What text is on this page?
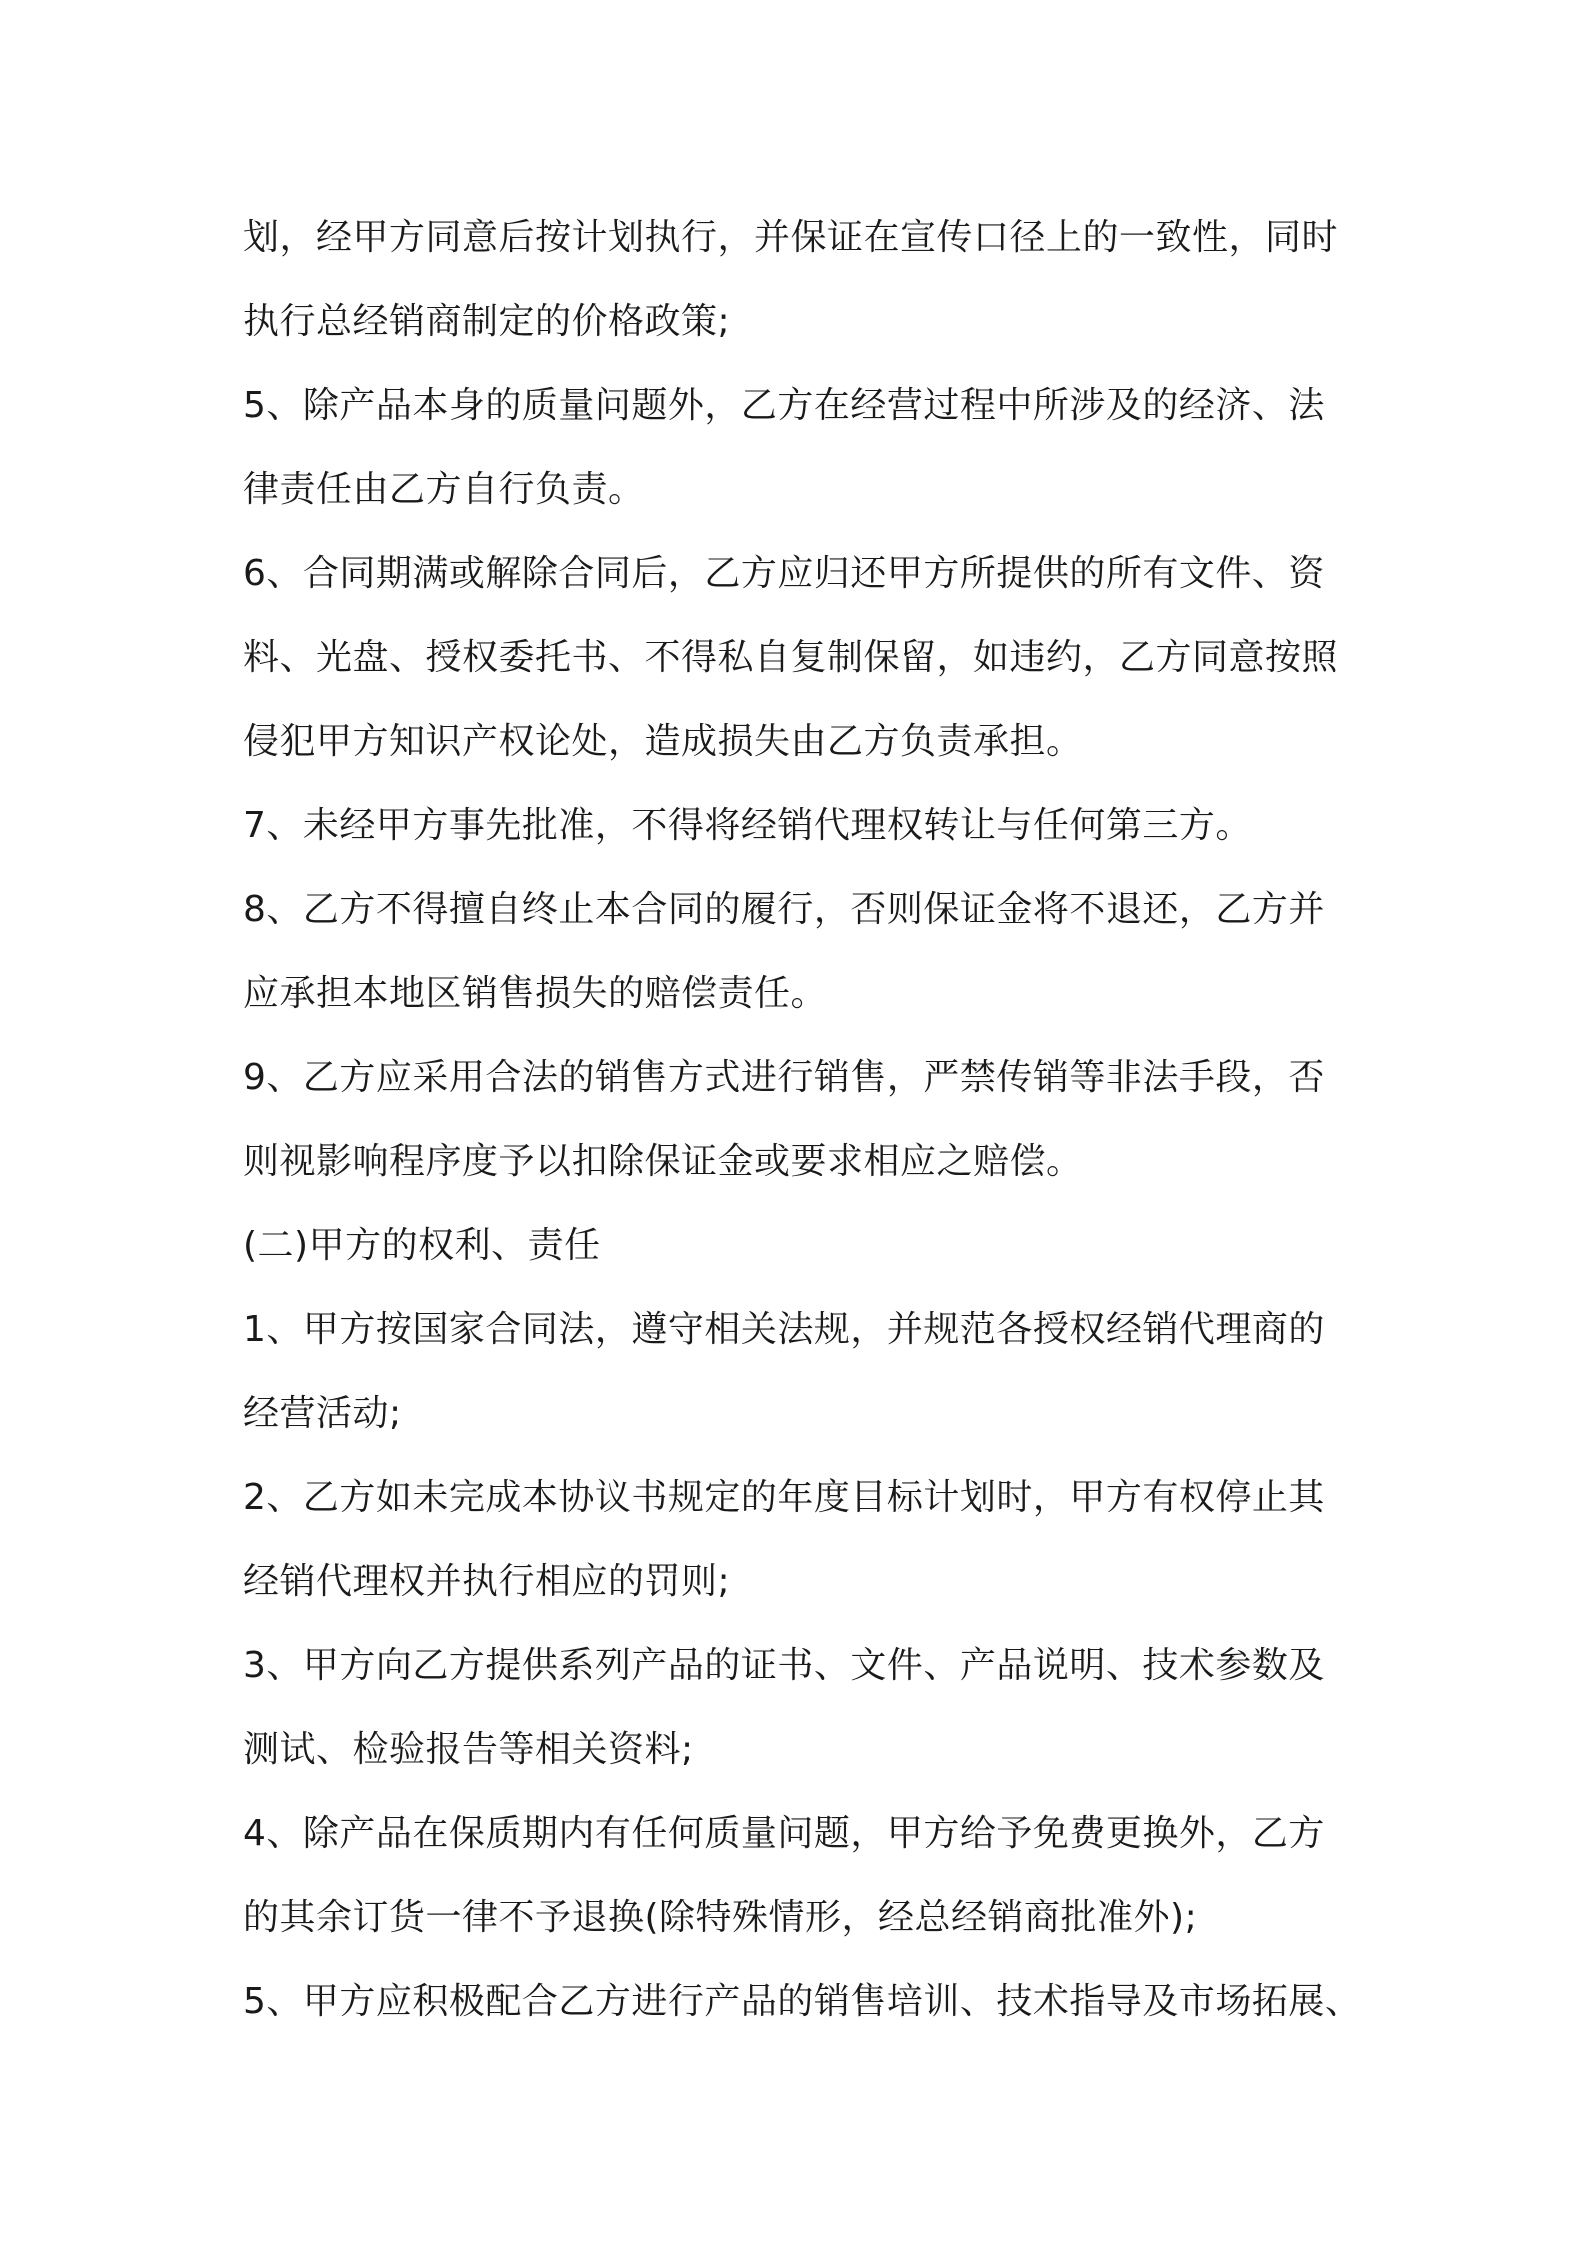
划，经甲方同意后按计划执行，并保证在宣传口径上的一致性，同时
执行总经销商制定的价格政策;
5、除产品本身的质量问题外，乙方在经营过程中所涉及的经济、法
律责任由乙方自行负责。
6、合同期满或解除合同后，乙方应归还甲方所提供的所有文件、资
料、光盘、授权委托书、不得私自复制保留，如违约，乙方同意按照
侵犯甲方知识产权论处，造成损失由乙方负责承担。
7、未经甲方事先批准，不得将经销代理权转让与任何第三方。
8、乙方不得擅自终止本合同的履行，否则保证金将不退还，乙方并
应承担本地区销售损失的赔偿责任。
9、乙方应采用合法的销售方式进行销售，严禁传销等非法手段，否
则视影响程序度予以扣除保证金或要求相应之赔偿。
(二)甲方的权利、责任
1、甲方按国家合同法，遵守相关法规，并规范各授权经销代理商的
经营活动;
2、乙方如未完成本协议书规定的年度目标计划时，甲方有权停止其
经销代理权并执行相应的罚则;
3、甲方向乙方提供系列产品的证书、文件、产品说明、技术参数及
测试、检验报告等相关资料;
4、除产品在保质期内有任何质量问题，甲方给予免费更换外，乙方
的其余订货一律不予退换(除特殊情形，经总经销商批准外);
5、甲方应积极配合乙方进行产品的销售培训、技术指导及市场拓展、
